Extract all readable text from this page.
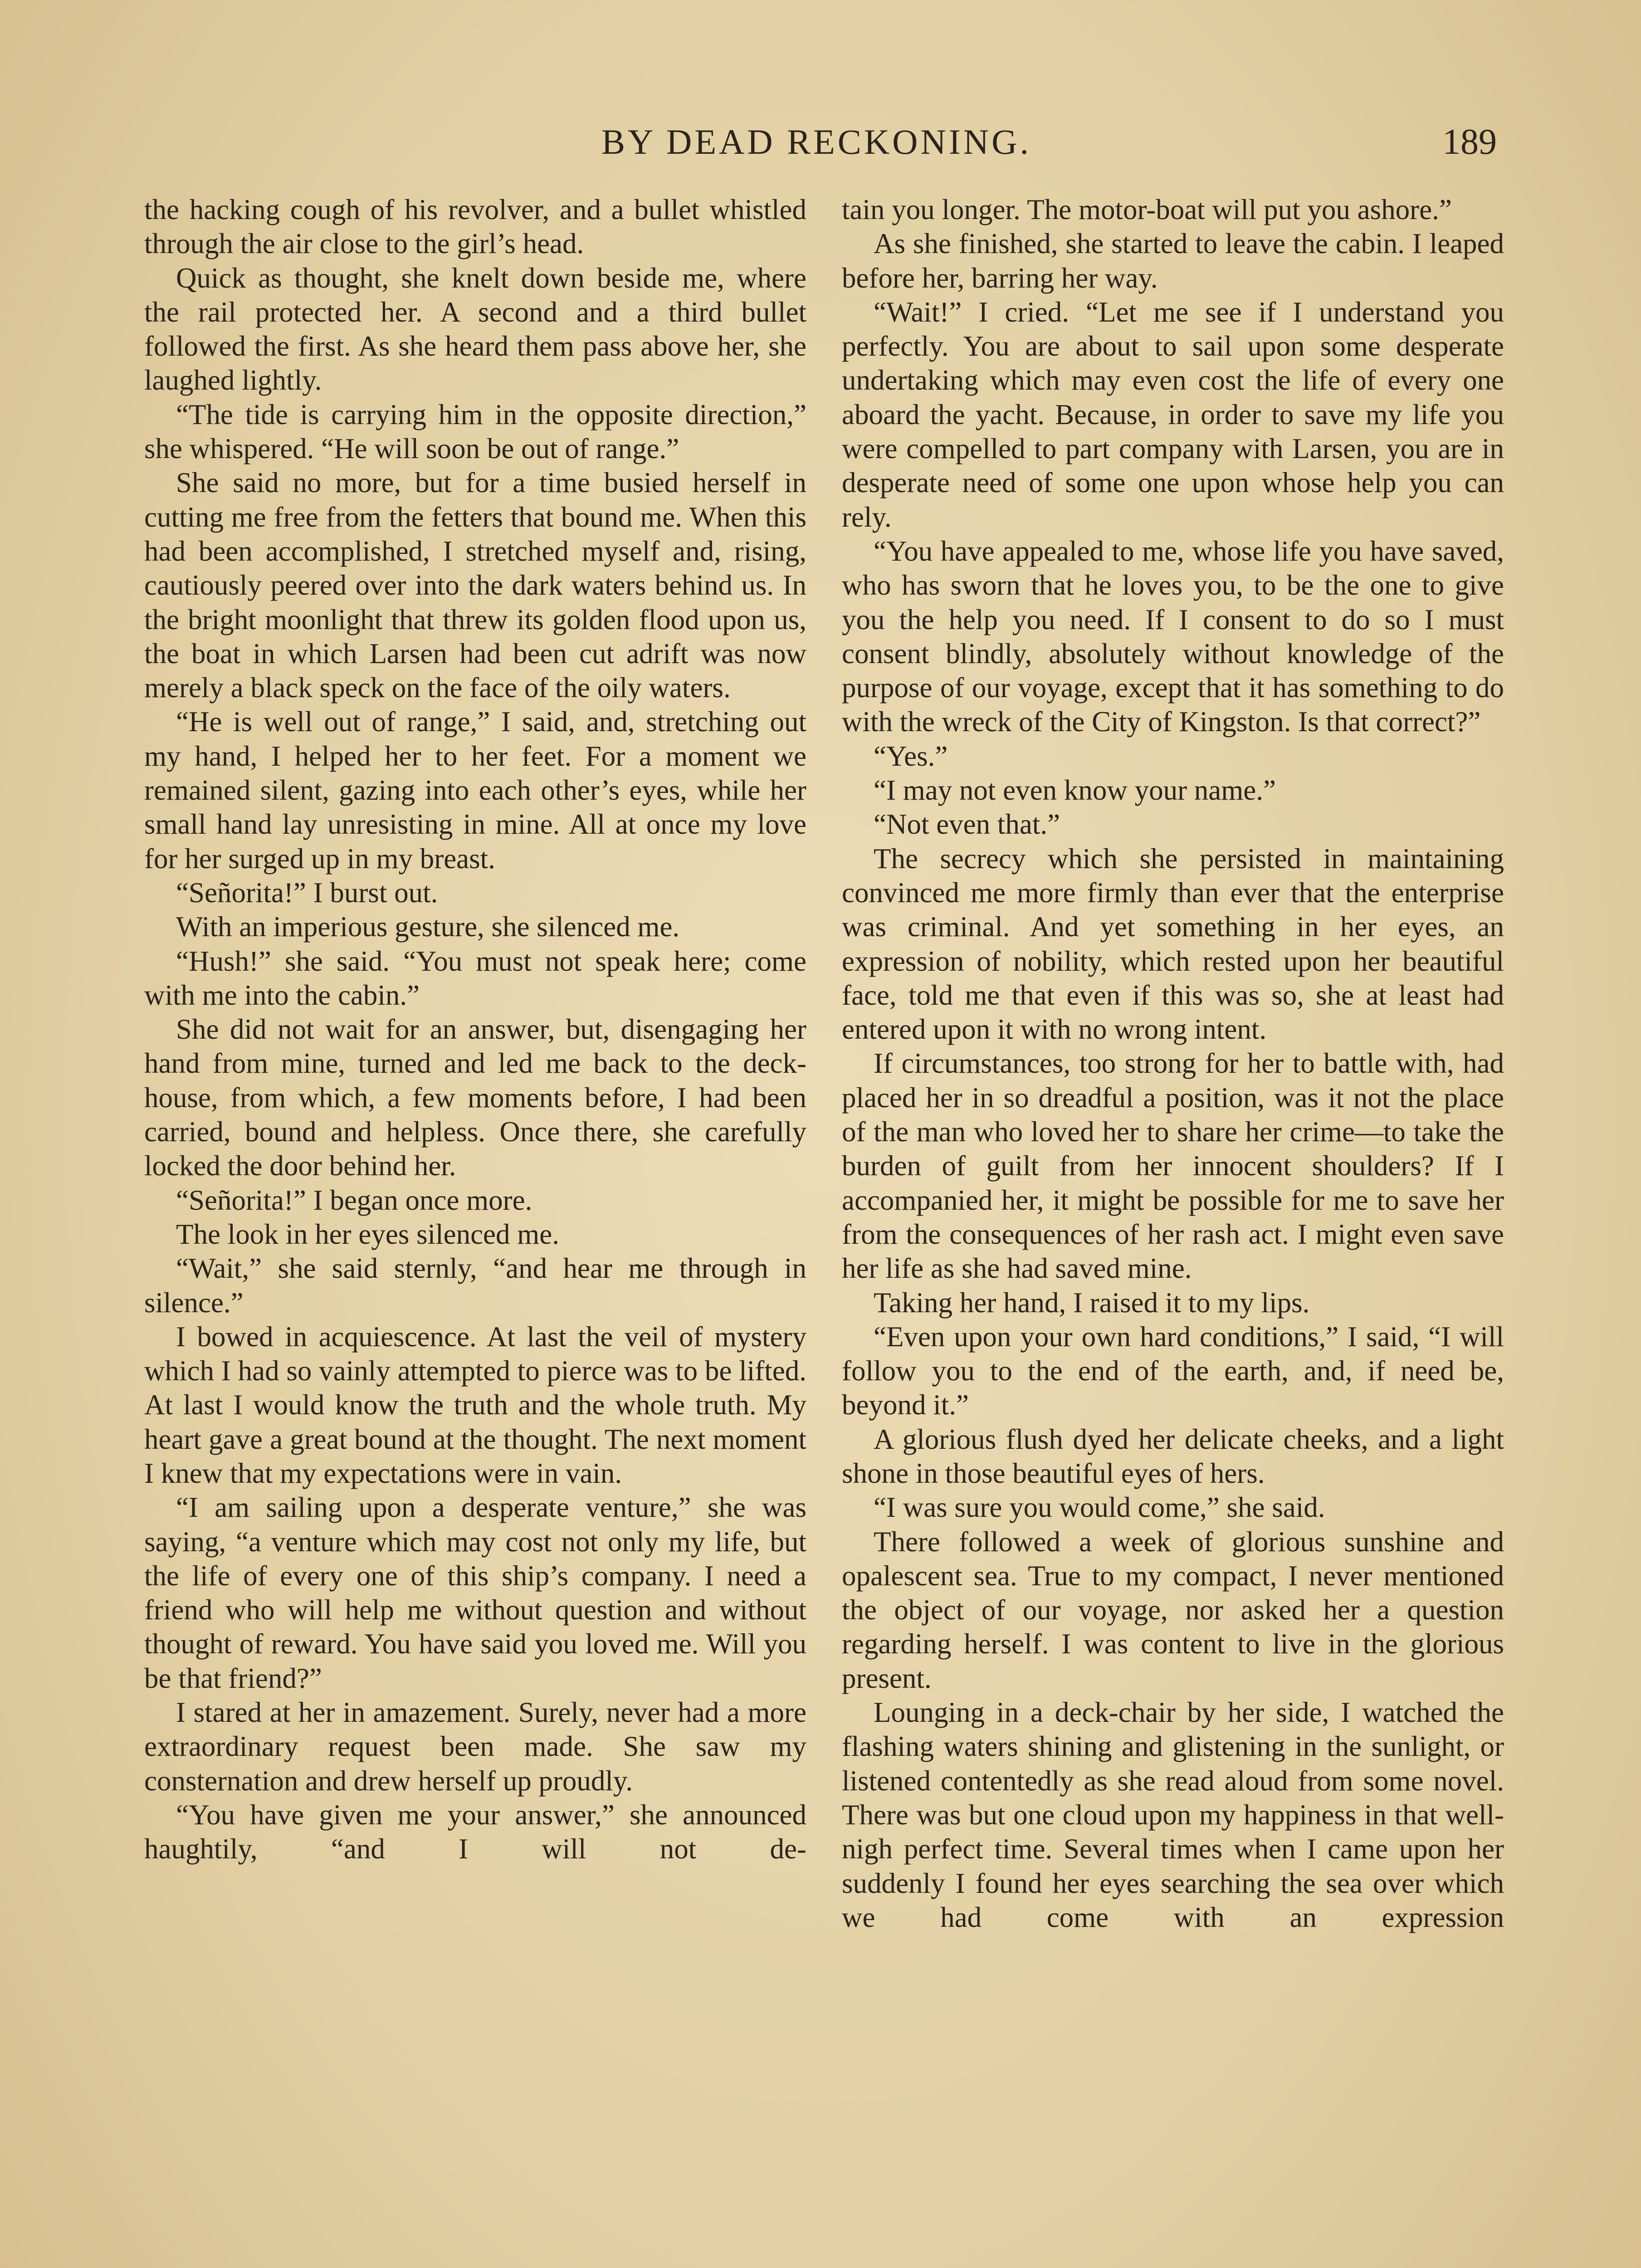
BY DEAD RECKONING.	189

the hacking cough of his revolver, and a bullet whistled through the air close to the girl’s head.

Quick as thought, she knelt down beside me, where the rail protected her. A second and a third bullet followed the first. As she heard them pass above her, she laughed lightly.

“The tide is carrying him in the opposite direction,” she whispered. “He will soon be out of range.”

She said no more, but for a time busied herself in cutting me free from the fetters that bound me. When this had been accomplished, I stretched myself and, rising, cautiously peered over into the dark waters behind us. In the bright moonlight that threw its golden flood upon us, the boat in which Larsen had been cut adrift was now merely a black speck on the face of the oily waters.

“He is well out of range,” I said, and, stretching out my hand, I helped her to her feet. For a moment we remained silent, gazing into each other’s eyes, while her small hand lay unresisting in mine. All at once my love for her surged up in my breast.

“Señorita!” I burst out.

With an imperious gesture, she silenced me.

“Hush!” she said. “You must not speak here; come with me into the cabin.”

She did not wait for an answer, but, disengaging her hand from mine, turned and led me back to the deck-house, from which, a few moments before, I had been carried, bound and helpless. Once there, she carefully locked the door behind her.

“Señorita!” I began once more.

The look in her eyes silenced me.

“Wait,” she said sternly, “and hear me through in silence.”

I bowed in acquiescence. At last the veil of mystery which I had so vainly attempted to pierce was to be lifted. At last I would know the truth and the whole truth. My heart gave a great bound at the thought. The next moment I knew that my expectations were in vain.

“I am sailing upon a desperate venture,” she was saying, “a venture which may cost not only my life, but the life of every one of this ship’s company. I need a friend who will help me without question and without thought of reward. You have said you loved me. Will you be that friend?”

I stared at her in amazement. Surely, never had a more extraordinary request been made. She saw my consternation and drew herself up proudly.

“You have given me your answer,” she announced haughtily, “and I will not de-

tain you longer. The motor-boat will put you ashore.”

As she finished, she started to leave the cabin. I leaped before her, barring her way.

“Wait!” I cried. “Let me see if I understand you perfectly. You are about to sail upon some desperate undertaking which may even cost the life of every one aboard the yacht. Because, in order to save my life you were compelled to part company with Larsen, you are in desperate need of some one upon whose help you can rely.

“You have appealed to me, whose life you have saved, who has sworn that he loves you, to be the one to give you the help you need. If I consent to do so I must consent blindly, absolutely without knowledge of the purpose of our voyage, except that it has something to do with the wreck of the City of Kingston. Is that correct?”

“Yes.”

“I may not even know your name.”

“Not even that.”

The secrecy which she persisted in maintaining convinced me more firmly than ever that the enterprise was criminal. And yet something in her eyes, an expression of nobility, which rested upon her beautiful face, told me that even if this was so, she at least had entered upon it with no wrong intent.

If circumstances, too strong for her to battle with, had placed her in so dreadful a position, was it not the place of the man who loved her to share her crime—to take the burden of guilt from her innocent shoulders? If I accompanied her, it might be possible for me to save her from the consequences of her rash act. I might even save her life as she had saved mine.

Taking her hand, I raised it to my lips.

“Even upon your own hard conditions,” I said, “I will follow you to the end of the earth, and, if need be, beyond it.”

A glorious flush dyed her delicate cheeks, and a light shone in those beautiful eyes of hers.

“I was sure you would come,” she said.

There followed a week of glorious sunshine and opalescent sea. True to my compact, I never mentioned the object of our voyage, nor asked her a question regarding herself. I was content to live in the glorious present.

Lounging in a deck-chair by her side, I watched the flashing waters shining and glistening in the sunlight, or listened contentedly as she read aloud from some novel. There was but one cloud upon my happiness in that well-nigh perfect time. Several times when I came upon her suddenly I found her eyes searching the sea over which we had come with an expression
